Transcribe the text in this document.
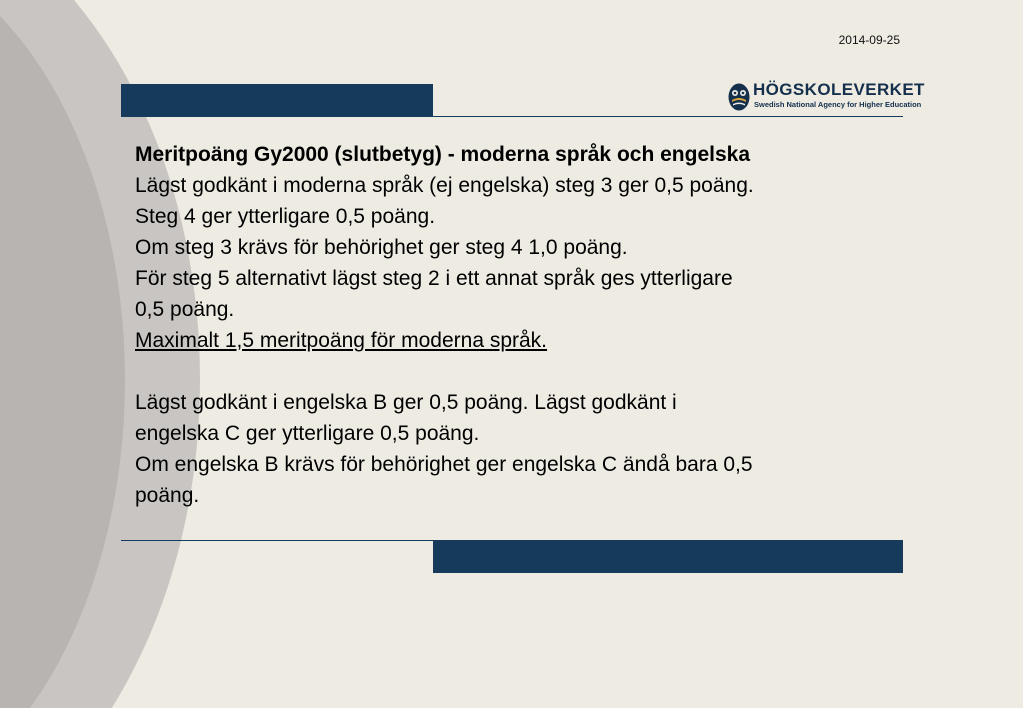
2014-09-25
HÖGSKOLEVERKET
Swedish National Agency for Higher Education
Meritpoäng Gy2000 (slutbetyg) - moderna språk och engelska
Lägst godkänt i moderna språk (ej engelska) steg 3 ger 0,5 poäng.
Steg 4 ger ytterligare 0,5 poäng.
Om steg 3 krävs för behörighet ger steg 4 1,0 poäng.
För steg 5 alternativt lägst steg 2 i ett annat språk ges ytterligare
0,5 poäng.
Maximalt 1,5 meritpoäng för moderna språk.
Lägst godkänt i engelska B ger 0,5 poäng. Lägst godkänt i
engelska C ger ytterligare 0,5 poäng.
Om engelska B krävs för behörighet ger engelska C ändå bara 0,5
poäng.
